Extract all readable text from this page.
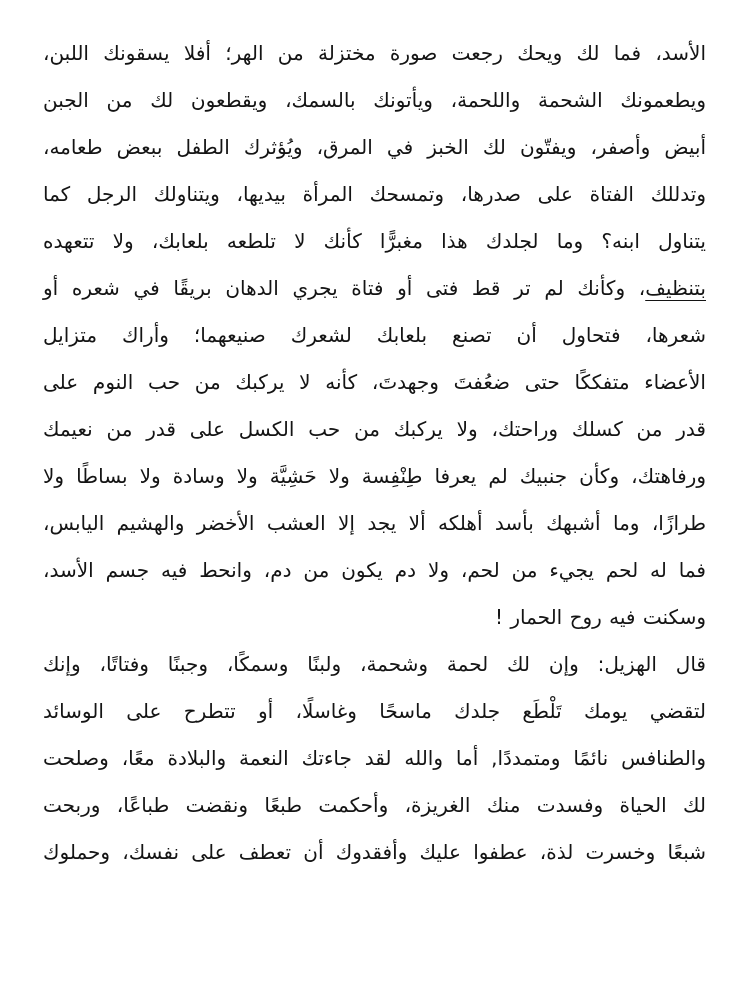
الأسد، فما لك ويحك رجعت صورة مختزلة من الهر؛ أفلا يسقونك اللبن،
ويطعمونك الشحمة واللحمة، ويأتونك بالسمك، ويقطعون لك من الجبن
أبيض وأصفر، ويفتّون لك الخبز في المرق، ويُؤثرك الطفل ببعض طعامه،
وتدللك الفتاة على صدرها، وتمسحك المرأة بيديها، ويتناولك الرجل كما
يتناول ابنه؟ وما لجلدك هذا مغبرًّا كأنك لا تلطعه بلعابك، ولا تتعهده
بتنظيف، وكأنك لم تر قط فتى أو فتاة يجري الدهان بريقًا في شعره أو
شعرها، فتحاول أن تصنع بلعابك لشعرك صنيعهما؛ وأراك متزايل
الأعضاء متفككًا حتى ضعُفتَ وجهدتَ، كأنه لا يركبك من حب النوم على
قدر من كسلك وراحتك، ولا يركبك من حب الكسل على قدر من نعيمك
ورفاهتك، وكأن جنبيك لم يعرفا طِنْفِسة ولا حَشِيَّة ولا وسادة ولا بساطًا ولا
طرازًا، وما أشبهك بأسد أهلكه ألا يجد إلا العشب الأخضر والهشيم اليابس،
فما له لحم يجيء من لحم، ولا دم يكون من دم، وانحط فيه جسم الأسد،
وسكنت فيه روح الحمار !
قال الهزيل: وإن لك لحمة وشحمة، ولبنًا وسمكًا، وجبنًا وفتاتًا، وإنك
لتقضي يومك تَلْطَع جلدك ماسحًا وغاسلًا، أو تتطرح على الوسائد
والطنافس نائمًا ومتمددًا, أما والله لقد جاءتك النعمة والبلادة معًا، وصلحت
لك الحياة وفسدت منك الغريزة، وأحكمت طبعًا ونقضت طباعًا، وربحت
شبعًا وخسرت لذة، عطفوا عليك وأفقدوك أن تعطف على نفسك، وحملوك
